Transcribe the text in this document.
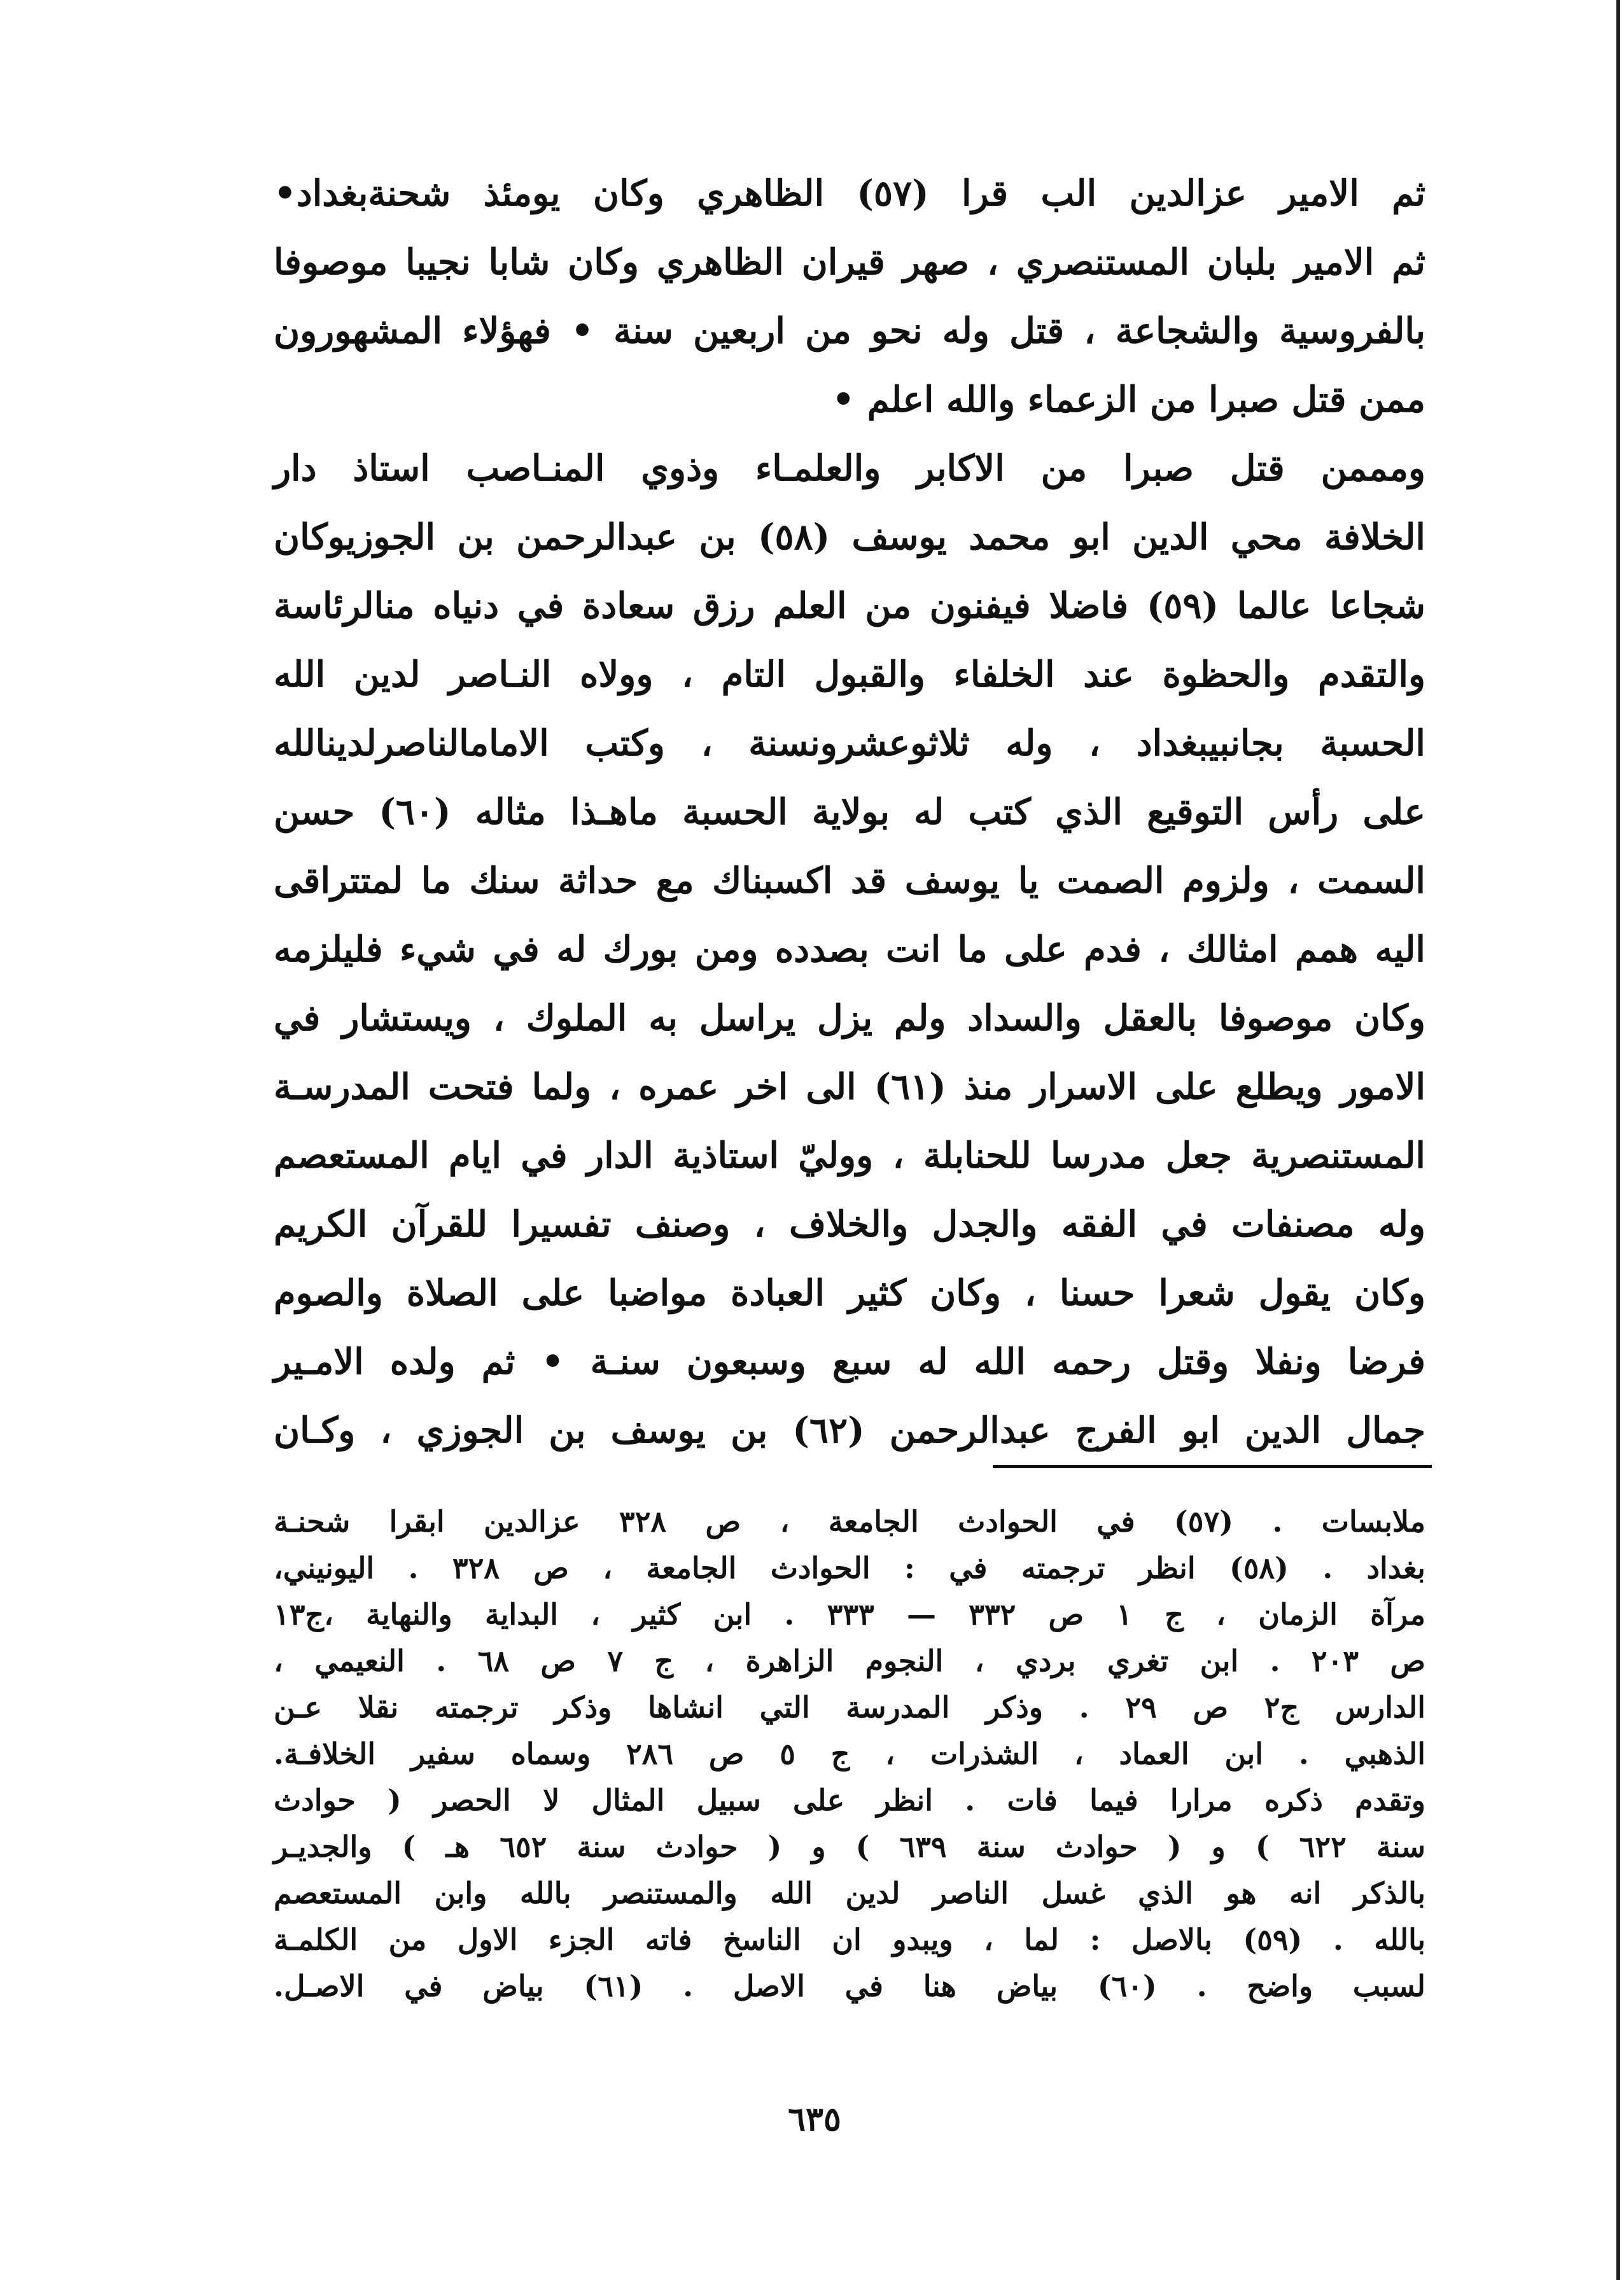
ثم الامير عزالدين الب قرا (٥٧) الظاهري وكان يومئذ شحنةبغداد•
ثم الامير بلبان المستنصري ، صهر قيران الظاهري وكان شابا نجيبا موصوفا
بالفروسية والشجاعة ، قتل وله نحو من اربعين سنة • فهؤلاء المشهورون
ممن قتل صبرا من الزعماء والله اعلم •
ومممن قتل صبرا من الاكابر والعلمـاء وذوي المنـاصب استاذ دار
الخلافة محي الدين ابو محمد يوسف (٥٨) بن عبدالرحمن بن الجوزيوكان
شجاعا عالما (٥٩) فاضلا فيفنون من العلم رزق سعادة في دنياه منالرئاسة
والتقدم والحظوة عند الخلفاء والقبول التام ، وولاه النـاصر لدين الله
الحسبة بجانبيبغداد ، وله ثلاثوعشرونسنة ، وكتب الامامالناصرلدينالله
على رأس التوقيع الذي كتب له بولاية الحسبة ماهـذا مثاله (٦٠) حسن
السمت ، ولزوم الصمت يا يوسف قد اكسبناك مع حداثة سنك ما لمتتراقى
اليه همم امثالك ، فدم على ما انت بصدده ومن بورك له في شيء فليلزمه
وكان موصوفا بالعقل والسداد ولم يزل يراسل به الملوك ، ويستشار في
الامور ويطلع على الاسرار منذ (٦١) الى اخر عمره ، ولما فتحت المدرسـة
المستنصرية جعل مدرسا للحنابلة ، ووليّ استاذية الدار في ايام المستعصم
وله مصنفات في الفقه والجدل والخلاف ، وصنف تفسيرا للقرآن الكريم
وكان يقول شعرا حسنا ، وكان كثير العبادة مواضبا على الصلاة والصوم
فرضا ونفلا وقتل رحمه الله له سبع وسبعون سنـة • ثم ولده الامـير
جمال الدين ابو الفرج عبدالرحمن (٦٢) بن يوسف بن الجوزي ، وكـان
ملابسات . (٥٧) في الحوادث الجامعة ، ص ٣٢٨ عزالدين ابقرا شحنـة
بغداد . (٥٨) انظر ترجمته في : الحوادث الجامعة ، ص ٣٢٨ . اليونيني،
مرآة الزمان ، ج ١ ص ٣٣٢ — ٣٣٣ . ابن كثير ، البداية والنهاية ،ج١٣
ص ٢٠٣ . ابن تغري بردي ، النجوم الزاهرة ، ج ٧ ص ٦٨ . النعيمي ،
الدارس ج٢ ص ٢٩ . وذكر المدرسة التي انشاها وذكر ترجمته نقلا عـن
الذهبي . ابن العماد ، الشذرات ، ج ٥ ص ٢٨٦ وسماه سفير الخلافـة.
وتقدم ذكره مرارا فيما فات . انظر على سبيل المثال لا الحصر ( حوادث
سنة ٦٢٢ ) و ( حوادث سنة ٦٣٩ ) و ( حوادث سنة ٦٥٢ هـ ) والجديـر
بالذكر انه هو الذي غسل الناصر لدين الله والمستنصر بالله وابن المستعصم
بالله . (٥٩) بالاصل : لما ، ويبدو ان الناسخ فاته الجزء الاول من الكلمـة
لسبب واضح . (٦٠) بياض هنا في الاصل . (٦١) بياض في الاصـل.
٦٣٥
